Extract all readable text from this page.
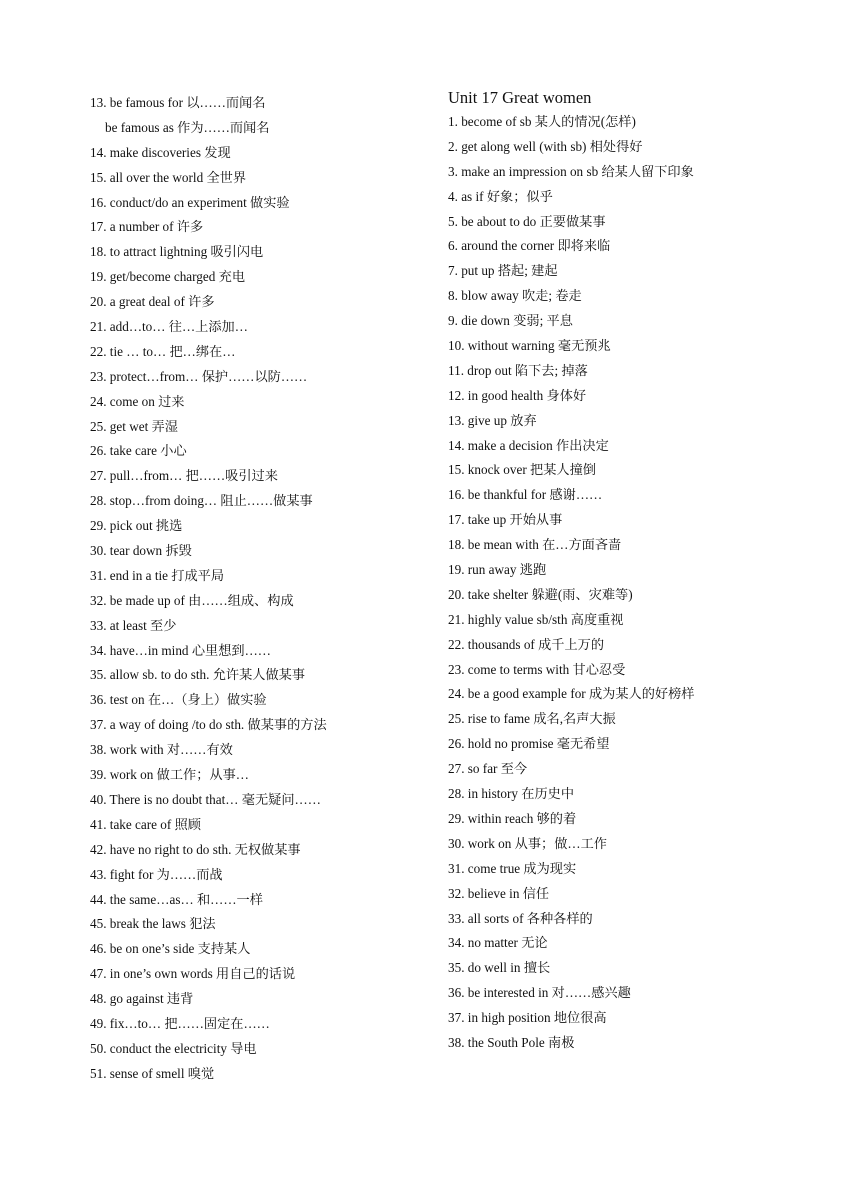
13. be famous for 以……而闻名
be famous as 作为……而闻名
14. make discoveries 发现
15. all over the world 全世界
16. conduct/do an experiment 做实验
17. a number of 许多
18. to attract lightning 吸引闪电
19. get/become charged 充电
20. a great deal of 许多
21. add…to… 往…上添加…
22. tie … to… 把…绑在…
23. protect…from… 保护……以防……
24. come on 过来
25. get wet 弄湿
26. take care 小心
27. pull…from… 把……吸引过来
28. stop…from doing… 阻止……做某事
29. pick out 挑选
30. tear down 拆毁
31. end in a tie 打成平局
32. be made up of 由……组成、构成
33. at least 至少
34. have…in mind 心里想到……
35. allow sb. to do sth. 允许某人做某事
36. test on 在…（身上）做实验
37. a way of doing /to do sth. 做某事的方法
38. work with 对……有效
39. work on 做工作；从事…
40. There is no doubt that… 毫无疑问……
41. take care of 照顾
42. have no right to do sth. 无权做某事
43. fight for 为……而战
44. the same…as… 和……一样
45. break the laws 犯法
46. be on one’s side 支持某人
47. in one’s own words 用自己的话说
48. go against 违背
49. fix…to… 把……固定在……
50. conduct the electricity 导电
51. sense of smell 嗅觉
Unit 17 Great women
1. become of sb 某人的情况(怎样)
2. get along well (with sb) 相处得好
3. make an impression on sb 给某人留下印象
4. as if 好象；似乎
5. be about to do 正要做某事
6. around the corner 即将来临
7. put up 搭起; 建起
8. blow away 吹走; 卷走
9. die down 变弱; 平息
10. without warning 毫无预兆
11. drop out 陷下去; 掉落
12. in good health 身体好
13. give up 放弃
14. make a decision 作出决定
15. knock over 把某人撞倒
16. be thankful for 感谢……
17. take up 开始从事
18. be mean with 在…方面吝啬
19. run away 逃跑
20. take shelter 躲避(雨、灾难等)
21. highly value sb/sth 高度重视
22. thousands of 成千上万的
23. come to terms with 甘心忍受
24. be a good example for 成为某人的好榜样
25. rise to fame 成名,名声大振
26. hold no promise 毫无希望
27. so far 至今
28. in history 在历史中
29. within reach 够的着
30. work on 从事；做…工作
31. come true 成为现实
32. believe in 信任
33. all sorts of 各种各样的
34. no matter 无论
35. do well in 擅长
36. be interested in 对……感兴趣
37. in high position 地位很高
38. the South Pole 南极
